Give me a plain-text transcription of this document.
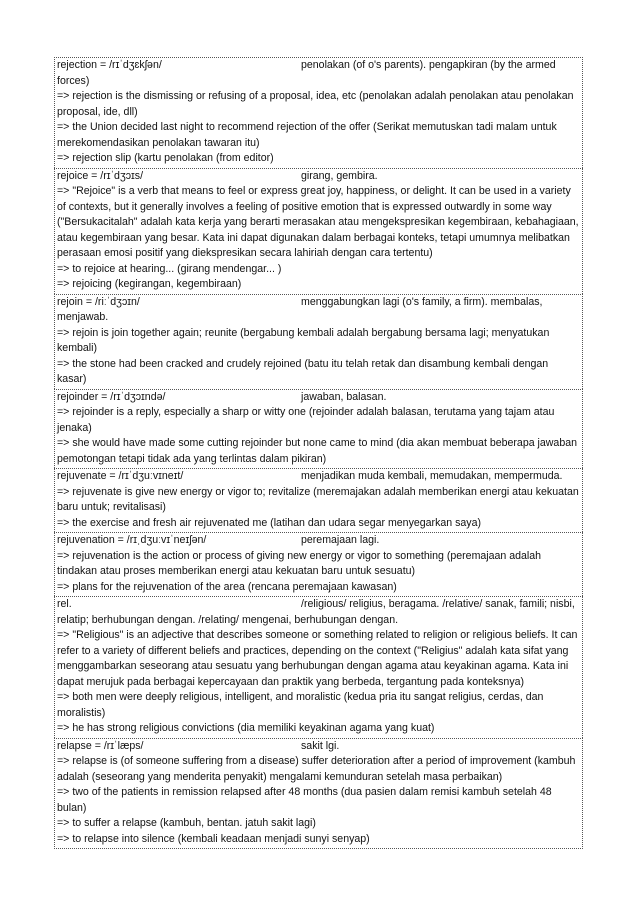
rejection = /rɪˈdʒɛkʃən/	penolakan (of o's parents). pengapkiran (by the armed forces)

=> rejection is the dismissing or refusing of a proposal, idea, etc (penolakan adalah penolakan atau penolakan proposal, ide, dll)

=> the Union decided last night to recommend rejection of the offer (Serikat memutuskan tadi malam untuk merekomendasikan penolakan tawaran itu)

=> rejection slip (kartu penolakan (from editor)

rejoice = /rɪˈdʒɔɪs/	girang, gembira.

=> "Rejoice" is a verb that means to feel or express great joy, happiness, or delight. It can be used in a variety of contexts, but it generally involves a feeling of positive emotion that is expressed outwardly in some way ("Bersukacitalah" adalah kata kerja yang berarti merasakan atau mengekspresikan kegembiraan, kebahagiaan, atau kegembiraan yang besar. Kata ini dapat digunakan dalam berbagai konteks, tetapi umumnya melibatkan perasaan emosi positif yang diekspresikan secara lahiriah dengan cara tertentu)

=> to rejoice at hearing... (girang mendengar... )

=> rejoicing (kegirangan, kegembiraan)

rejoin = /riːˈdʒɔɪn/	menggabungkan lagi (o's family, a firm). membalas, menjawab.

=> rejoin is join together again; reunite (bergabung kembali adalah bergabung bersama lagi; menyatukan kembali)

=> the stone had been cracked and crudely rejoined (batu itu telah retak dan disambung kembali dengan kasar)

rejoinder = /rɪˈdʒɔɪndə/	jawaban, balasan.

=> rejoinder is a reply, especially a sharp or witty one (rejoinder adalah balasan, terutama yang tajam atau jenaka)

=> she would have made some cutting rejoinder but none came to mind (dia akan membuat beberapa jawaban pemotongan tetapi tidak ada yang terlintas dalam pikiran)

rejuvenate = /rɪˈdʒuːvɪneɪt/	menjadikan muda kembali, memudakan, mempermuda.

=> rejuvenate is give new energy or vigor to; revitalize (meremajakan adalah memberikan energi atau kekuatan baru untuk; revitalisasi)

=> the exercise and fresh air rejuvenated me (latihan dan udara segar menyegarkan saya)

rejuvenation = /rɪˌdʒuːvɪˈneɪʃən/	peremajaan lagi.

=> rejuvenation is the action or process of giving new energy or vigor to something (peremajaan adalah tindakan atau proses memberikan energi atau kekuatan baru untuk sesuatu)

=> plans for the rejuvenation of the area (rencana peremajaan kawasan)

rel.	/religious/ religius, beragama. /relative/ sanak, famili; nisbi, relatip; berhubungan dengan. /relating/ mengenai, berhubungan dengan.

=> "Religious" is an adjective that describes someone or something related to religion or religious beliefs. It can refer to a variety of different beliefs and practices, depending on the context ("Religius" adalah kata sifat yang menggambarkan seseorang atau sesuatu yang berhubungan dengan agama atau keyakinan agama. Kata ini dapat merujuk pada berbagai kepercayaan dan praktik yang berbeda, tergantung pada konteksnya)

=> both men were deeply religious, intelligent, and moralistic (kedua pria itu sangat religius, cerdas, dan moralistis)

=> he has strong religious convictions (dia memiliki keyakinan agama yang kuat)

relapse = /rɪˈlæps/	sakit lgi.

=> relapse is (of someone suffering from a disease) suffer deterioration after a period of improvement (kambuh adalah (seseorang yang menderita penyakit) mengalami kemunduran setelah masa perbaikan)

=> two of the patients in remission relapsed after 48 months (dua pasien dalam remisi kambuh setelah 48 bulan)

=> to suffer a relapse (kambuh, bentan. jatuh sakit lagi)

=> to relapse into silence (kembali keadaan menjadi sunyi senyap)
